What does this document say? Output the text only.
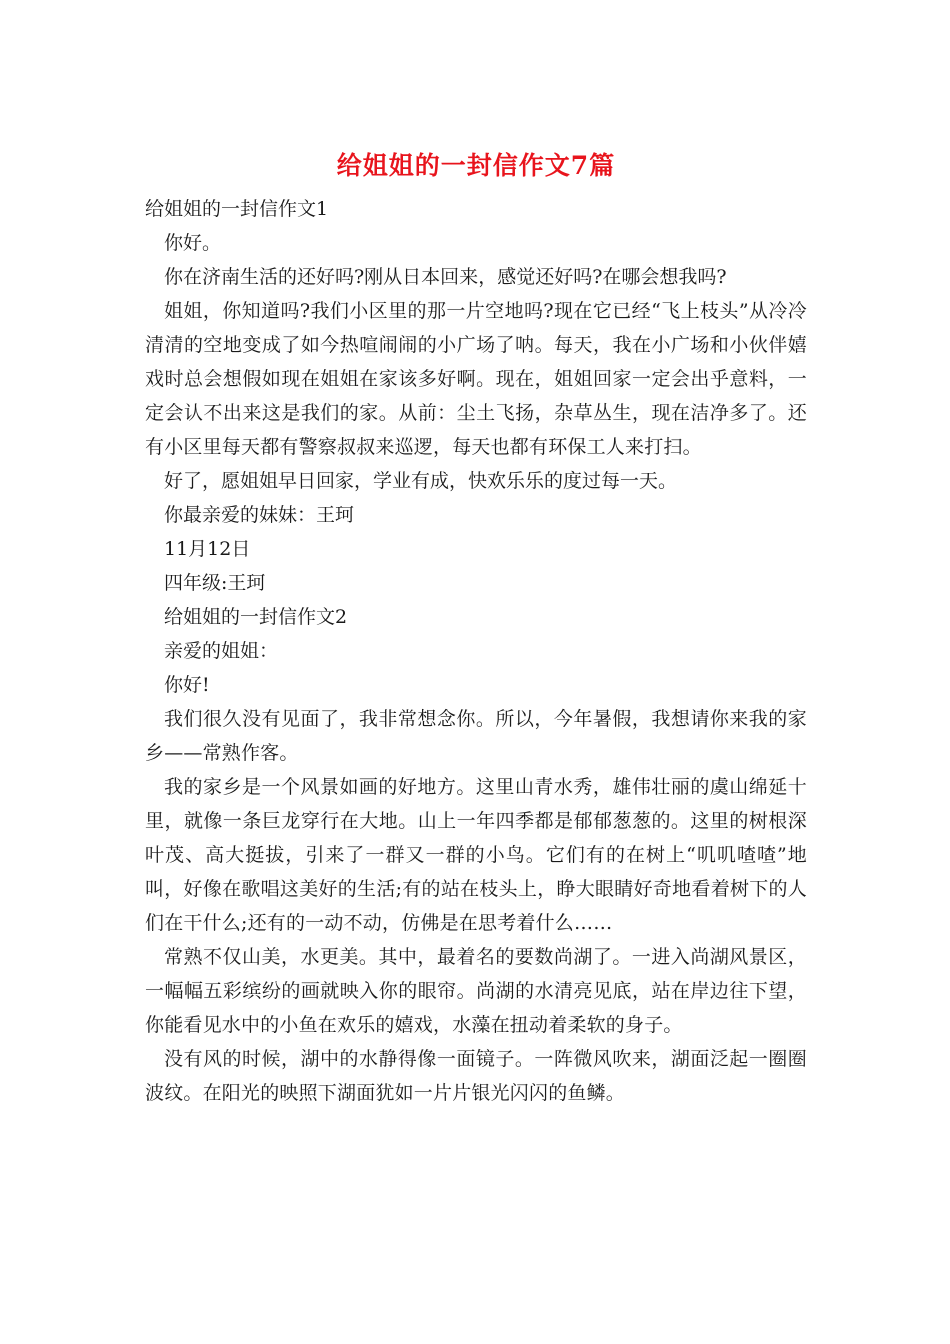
给姐姐的一封信作文7篇

给姐姐的一封信作文1

你好。

你在济南生活的还好吗?刚从日本回来，感觉还好吗?在哪会想我吗?

姐姐，你知道吗?我们小区里的那一片空地吗?现在它已经“飞上枝头”从冷冷清清的空地变成了如今热喧闹闹的小广场了呐。每天，我在小广场和小伙伴嬉戏时总会想假如现在姐姐在家该多好啊。现在，姐姐回家一定会出乎意料，一定会认不出来这是我们的家。从前：尘土飞扬，杂草丛生，现在洁净多了。还有小区里每天都有警察叔叔来巡逻，每天也都有环保工人来打扫。

好了，愿姐姐早日回家，学业有成，快欢乐乐的度过每一天。

你最亲爱的妹妹：王珂

11月12日

四年级:王珂

给姐姐的一封信作文2

亲爱的姐姐：

你好!

我们很久没有见面了，我非常想念你。所以，今年暑假，我想请你来我的家乡——常熟作客。

我的家乡是一个风景如画的好地方。这里山青水秀，雄伟壮丽的虞山绵延十里，就像一条巨龙穿行在大地。山上一年四季都是郁郁葱葱的。这里的树根深叶茂、高大挺拔，引来了一群又一群的小鸟。它们有的在树上“叽叽喳喳”地叫，好像在歌唱这美好的生活;有的站在枝头上，睁大眼睛好奇地看着树下的人们在干什么;还有的一动不动，仿佛是在思考着什么……

常熟不仅山美，水更美。其中，最着名的要数尚湖了。一进入尚湖风景区，一幅幅五彩缤纷的画就映入你的眼帘。尚湖的水清亮见底，站在岸边往下望，你能看见水中的小鱼在欢乐的嬉戏，水藻在扭动着柔软的身子。

没有风的时候，湖中的水静得像一面镜子。一阵微风吹来，湖面泛起一圈圈波纹。在阳光的映照下湖面犹如一片片银光闪闪的鱼鳞。
